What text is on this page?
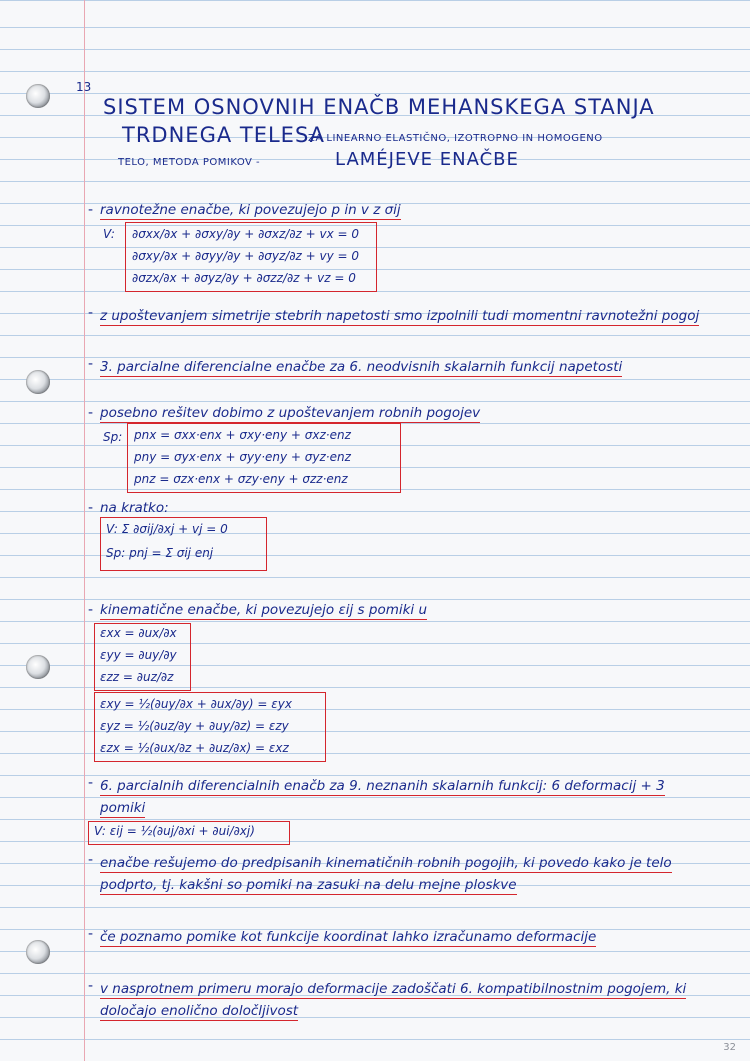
13
SISTEM OSNOVNIH ENAČB MEHANSKEGA STANJA
TRDNEGA TELESA
ZA LINEARNO ELASTIČNO, IZOTROPNO IN HOMOGENO
TELO, METODA POMIKOV -	LAMÉJEVE ENAČBE
- ravnotežne enačbe, ki povezujejo p in v z σij
V: ∂σxx/∂x + ∂σxy/∂y + ∂σxz/∂z + vx = 0
∂σxy/∂x + ∂σyy/∂y + ∂σyz/∂z + vy = 0
∂σzx/∂x + ∂σyz/∂y + ∂σzz/∂z + vz = 0
- z upoštevanjem simetrije stebrih napetosti smo izpolnili tudi momentni ravnotežni pogoj
- 3. parcialne diferencialne enačbe za 6. neodvisnih skalarnih funkcij napetosti
- posebno rešitev dobimo z upoštevanjem robnih pogojev
Sp: pnx = σxx·enx + σxy·eny + σxz·enz
pny = σyx·enx + σyy·eny + σyz·enz
pnz = σzx·enx + σzy·eny + σzz·enz
- na kratko:
V: Σ ∂σij/∂xj + vj = 0
Sp: pnj = Σ σij enj
- kinematične enačbe, ki povezujejo εij s pomiki u
εxx = ∂ux/∂x
εyy = ∂uy/∂y
εzz = ∂uz/∂z
εxy = ½(∂uy/∂x + ∂ux/∂y) = εyx
εyz = ½(∂uz/∂y + ∂uy/∂z) = εzy
εzx = ½(∂ux/∂z + ∂uz/∂x) = εxz
- 6. parcialnih diferencialnih enačb za 9. neznanih skalarnih funkcij: 6 deformacij + 3 pomiki
V: εij = ½(∂uj/∂xi + ∂ui/∂xj)
- enačbe rešujemo do predpisanih kinematičnih robnih pogojih, ki povedo kako je telo podprto, tj. kakšni so pomiki na zasuki na delu mejne ploskve
- če poznamo pomike kot funkcije koordinat lahko izračunamo deformacije
- v nasprotnem primeru morajo deformacije zadoščati 6. kompatibilnostnim pogojem, ki določajo enolično določljivost
32
